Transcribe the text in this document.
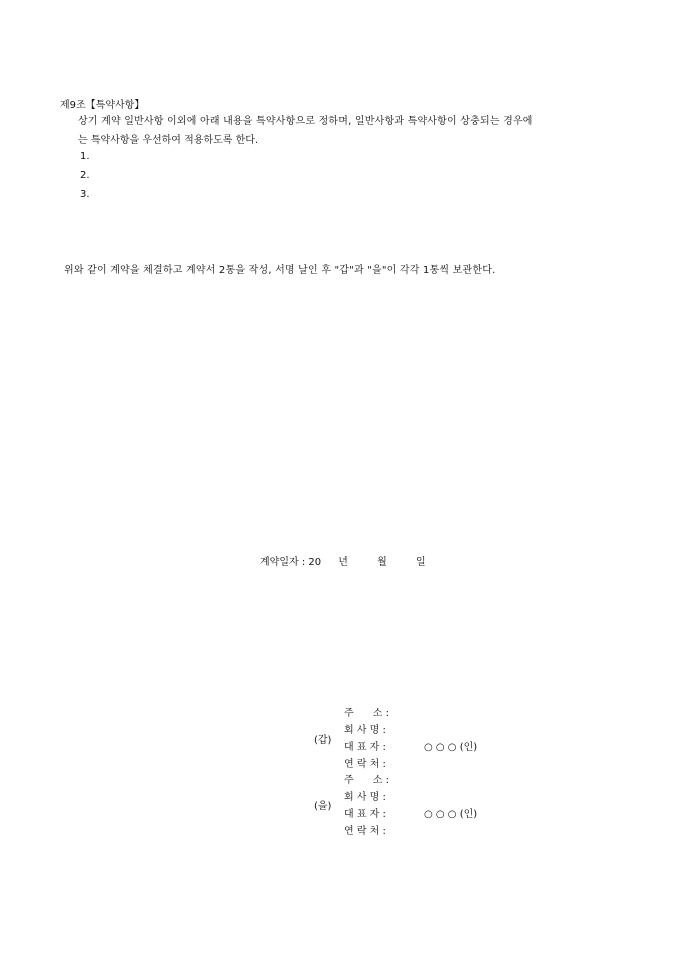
제9조【특약사항】
상기 계약 일반사항 이외에 아래 내용을 특약사항으로 정하며, 일반사항과 특약사항이 상충되는 경우에
는 특약사항을 우선하여 적용하도록 한다.
1.
2.
3.
위와 같이 계약을 체결하고 계약서 2통을 작성, 서명 날인 후 "갑"과 "을"이 각각 1통씩 보관한다.
계약일자 : 20 년	월	일
(갑)
주      소 :
회 사 명 :
대 표 자 :	○ ○ ○ (인)
연 락 처 :
(을)
주      소 :
회 사 명 :
대 표 자 :	○ ○ ○ (인)
연 락 처 :
